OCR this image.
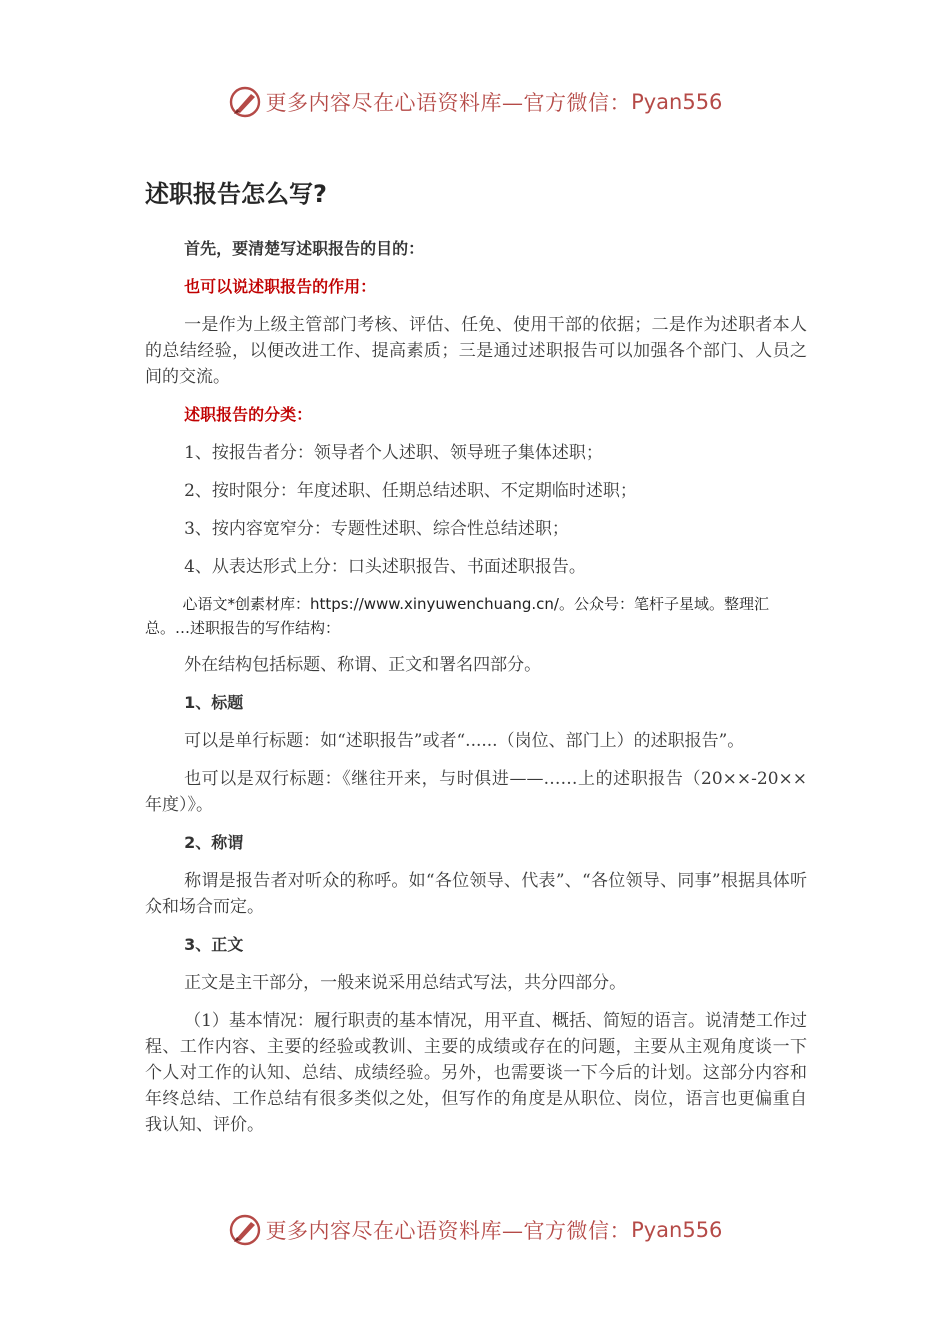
更多内容尽在心语资料库—官方微信： Pyan556
述职报告怎么写?

首先，要清楚写述职报告的目的：

也可以说述职报告的作用：

一是作为上级主管部门考核、评估、任免、使用干部的依据；二是作为述职者本人的总结经验，以便改进工作、提高素质；三是通过述职报告可以加强各个部门、人员之间的交流。

述职报告的分类：

1、按报告者分：领导者个人述职、领导班子集体述职；

2、按时限分：年度述职、任期总结述职、不定期临时述职；

3、按内容宽窄分：专题性述职、综合性总结述职；

4、从表达形式上分：口头述职报告、书面述职报告。

心语文*创素材库：https://www.xinyuwenchuang.cn/。公众号：笔杆子星域。整理汇总。…述职报告的写作结构：

外在结构包括标题、称谓、正文和署名四部分。

1、标题

可以是单行标题：如“述职报告”或者“......（岗位、部门上）的述职报告”。

也可以是双行标题：《继往开来，与时俱进——……上的述职报告（20××-20××年度）》。

2、称谓

称谓是报告者对听众的称呼。如“各位领导、代表”、“各位领导、同事”根据具体听众和场合而定。

3、正文

正文是主干部分，一般来说采用总结式写法，共分四部分。

（1）基本情况：履行职责的基本情况，用平直、概括、简短的语言。说清楚工作过程、工作内容、主要的经验或教训、主要的成绩或存在的问题，主要从主观角度谈一下个人对工作的认知、总结、成绩经验。另外，也需要谈一下今后的计划。这部分内容和年终总结、工作总结有很多类似之处，但写作的角度是从职位、岗位，语言也更偏重自我认知、评价。

更多内容尽在心语资料库—官方微信： Pyan556
